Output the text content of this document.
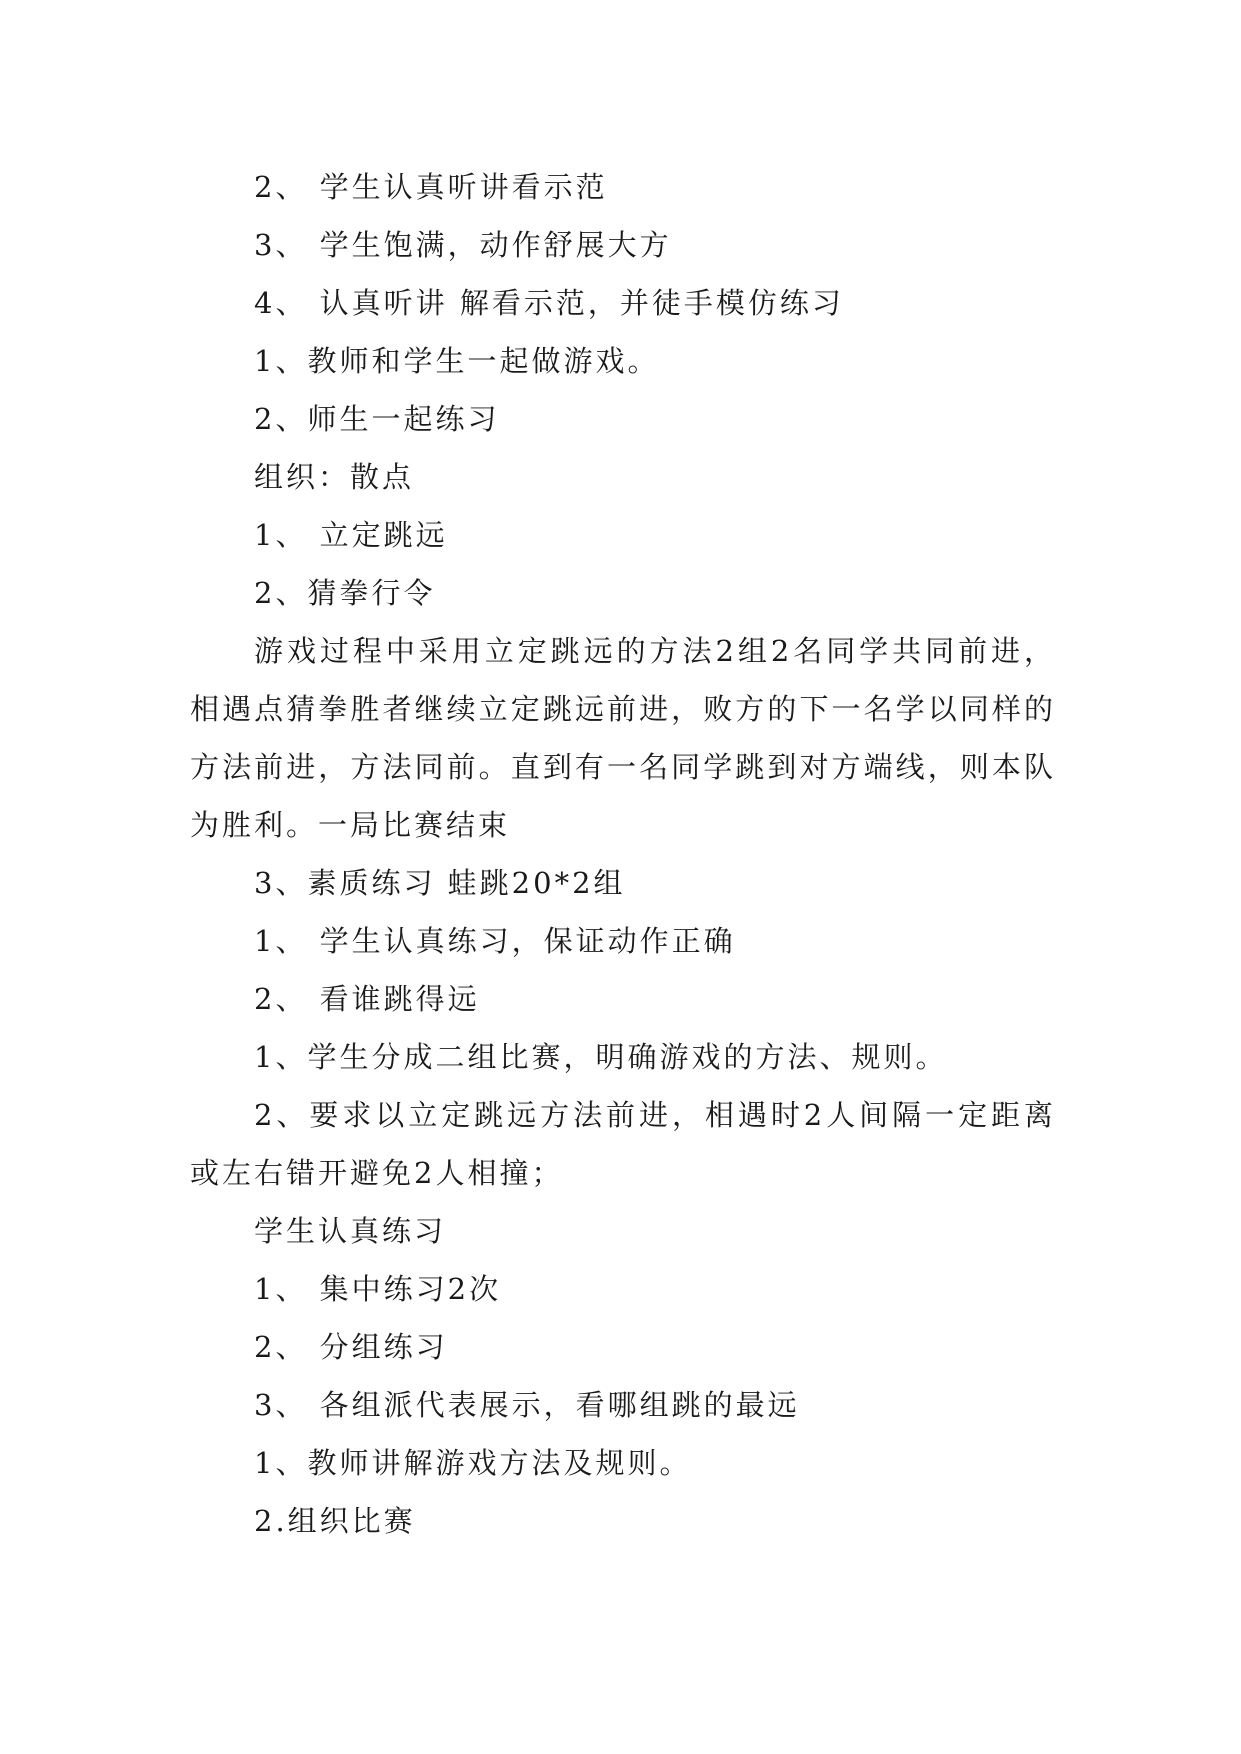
2、 学生认真听讲看示范

3、 学生饱满，动作舒展大方

4、 认真听讲 解看示范，并徒手模仿练习

1、教师和学生一起做游戏。

2、师生一起练习

组织：散点

1、 立定跳远

2、猜拳行令

游戏过程中采用立定跳远的方法2组2名同学共同前进，相遇点猜拳胜者继续立定跳远前进，败方的下一名学以同样的方法前进，方法同前。直到有一名同学跳到对方端线，则本队为胜利。一局比赛结束

3、素质练习 蛙跳20*2组

1、 学生认真练习，保证动作正确

2、 看谁跳得远

1、学生分成二组比赛，明确游戏的方法、规则。

2、要求以立定跳远方法前进，相遇时2人间隔一定距离或左右错开避免2人相撞；

学生认真练习

1、 集中练习2次

2、 分组练习

3、 各组派代表展示，看哪组跳的最远

1、教师讲解游戏方法及规则。

2.组织比赛
